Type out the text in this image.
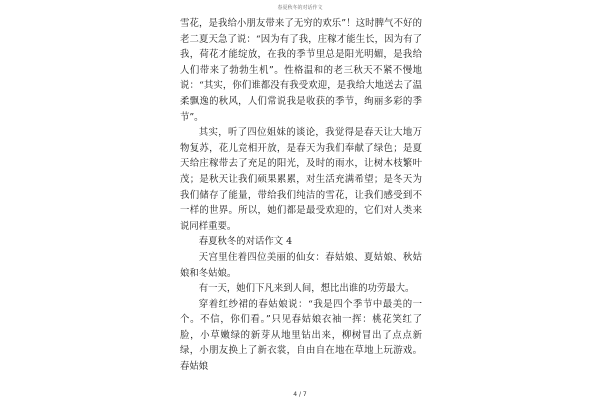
春夏秋冬的对话作文

雪花，是我给小朋友带来了无穷的欢乐”！这时脾气不好的老二夏天急了说：“因为有了我，庄稼才能生长，因为有了我，荷花才能绽放，在我的季节里总是阳光明媚，是我给人们带来了勃勃生机”。性格温和的老三秋天不紧不慢地说：“其实，你们谁都没有我受欢迎，是我给大地送去了温柔飘逸的秋风，人们常说我是收获的季节，绚丽多彩的季节”。

其实，听了四位姐妹的谈论，我觉得是春天让大地万物复苏，花儿竞相开放，是春天为我们奉献了绿色；是夏天给庄稼带去了充足的阳光，及时的雨水，让树木枝繁叶茂；是秋天让我们硕果累累，对生活充满希望；是冬天为我们储存了能量，带给我们纯洁的雪花，让我们感受到不一样的世界。所以，她们都是最受欢迎的，它们对人类来说同样重要。

春夏秋冬的对话作文 4

天宫里住着四位美丽的仙女：春姑娘、夏姑娘、秋姑娘和冬姑娘。

有一天，她们下凡来到人间，想比出谁的功劳最大。

穿着红纱裙的春姑娘说：“我是四个季节中最美的一个。不信，你们看。”只见春姑娘衣袖一挥：桃花笑红了脸，小草嫩绿的新芽从地里钻出来，柳树冒出了点点新绿，小朋友换上了新衣裳，自由自在地在草地上玩游戏。春姑娘

4 / 7
